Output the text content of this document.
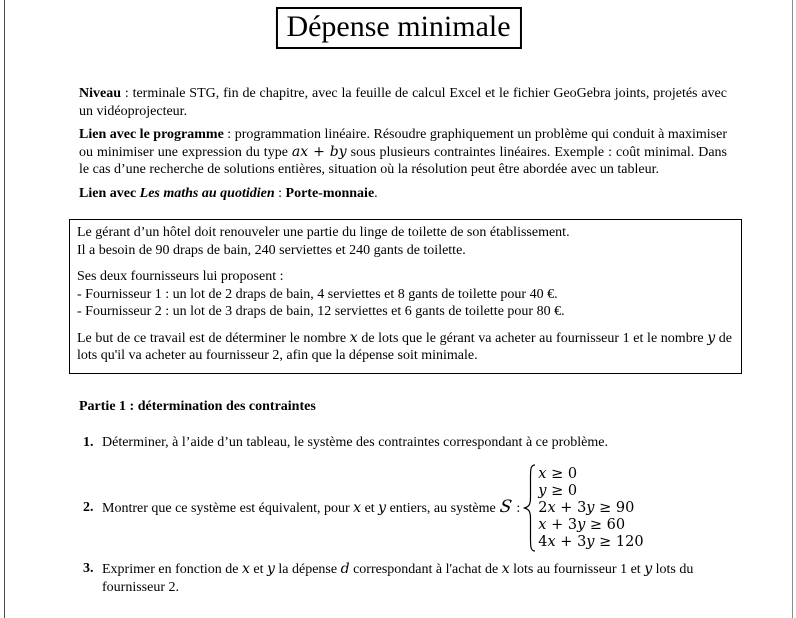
Dépense minimale

Niveau : terminale STG, fin de chapitre, avec la feuille de calcul Excel et le fichier GeoGebra joints, projetés avec un vidéoprojecteur.

Lien avec le programme : programmation linéaire. Résoudre graphiquement un problème qui conduit à maximiser ou minimiser une expression du type ax + by sous plusieurs contraintes linéaires. Exemple : coût minimal. Dans le cas d’une recherche de solutions entières, situation où la résolution peut être abordée avec un tableur.

Lien avec Les maths au quotidien : Porte-monnaie.

Le gérant d’un hôtel doit renouveler une partie du linge de toilette de son établissement.

Il a besoin de 90 draps de bain, 240 serviettes et 240 gants de toilette.

Ses deux fournisseurs lui proposent :

- Fournisseur 1 : un lot de 2 draps de bain, 4 serviettes et 8 gants de toilette pour 40 €.

- Fournisseur 2 : un lot de 3 draps de bain, 12 serviettes et 6 gants de toilette pour 80 €.

Le but de ce travail est de déterminer le nombre x de lots que le gérant va acheter au fournisseur 1 et le nombre y de lots qu'il va acheter au fournisseur 2, afin que la dépense soit minimale.

Partie 1 : détermination des contraintes
1. Déterminer, à l’aide d’un tableau, le système des contraintes correspondant à ce problème.
2. Montrer que ce système est équivalent, pour x et y entiers, au système S :
x ≥ 0
y ≥ 0
2x + 3y ≥ 90
x + 3y ≥ 60
4x + 3y ≥ 120
3. Exprimer en fonction de x et y la dépense d correspondant à l'achat de x lots au fournisseur 1 et y lots du fournisseur 2.
